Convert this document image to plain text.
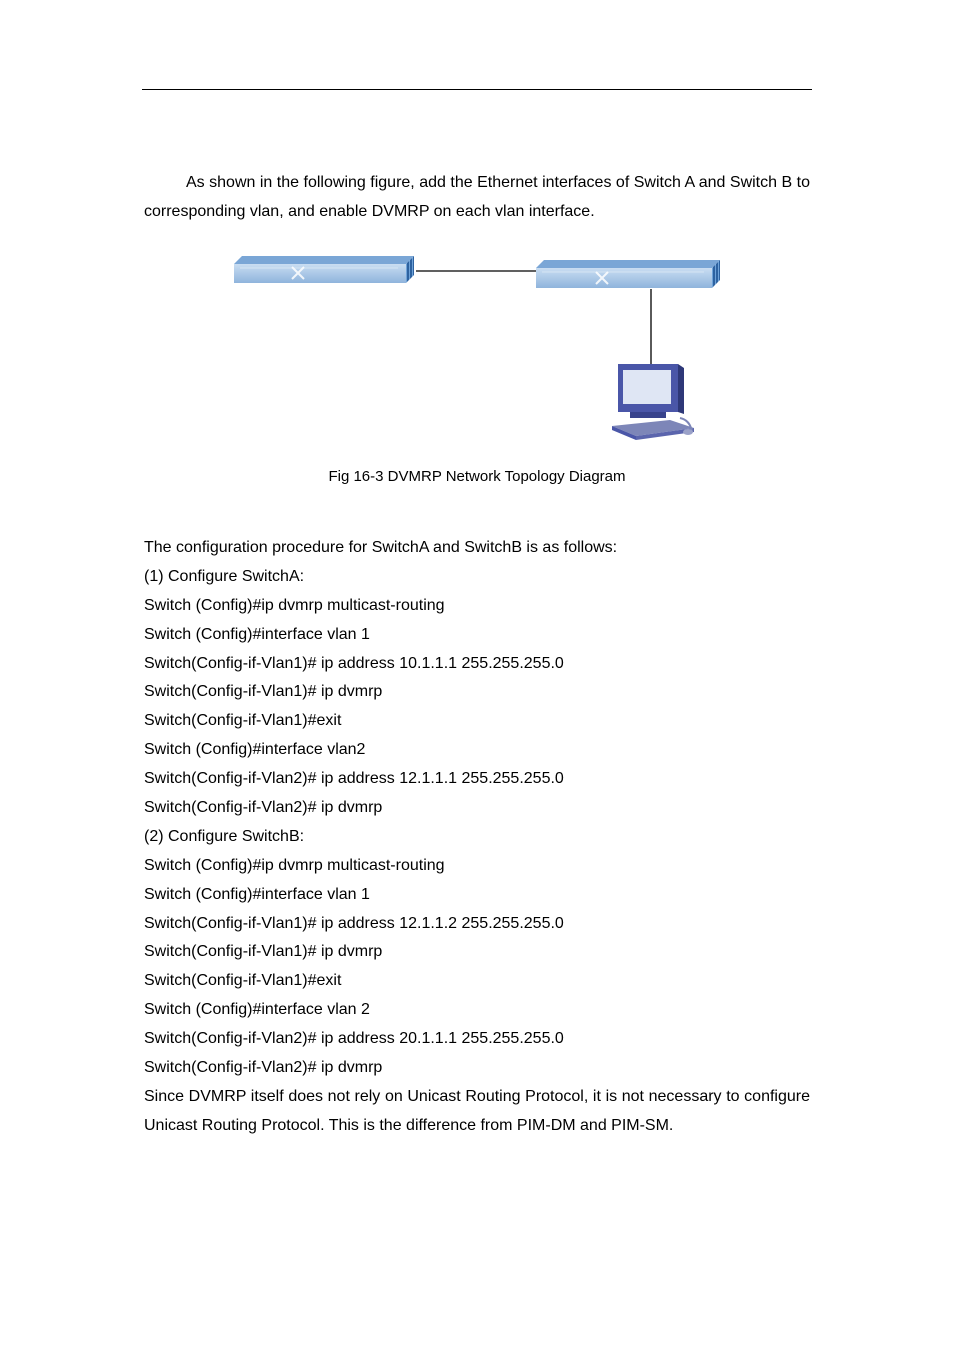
As shown in the following figure, add the Ethernet interfaces of Switch A and Switch B to corresponding vlan, and enable DVMRP on each vlan interface.

Fig 16-3 DVMRP Network Topology Diagram
The configuration procedure for SwitchA and SwitchB is as follows:
(1) Configure SwitchA:
Switch (Config)#ip dvmrp multicast-routing
Switch (Config)#interface vlan 1
Switch(Config-if-Vlan1)# ip address 10.1.1.1 255.255.255.0
Switch(Config-if-Vlan1)# ip dvmrp
Switch(Config-if-Vlan1)#exit
Switch (Config)#interface vlan2
Switch(Config-if-Vlan2)# ip address 12.1.1.1 255.255.255.0
Switch(Config-if-Vlan2)# ip dvmrp
(2) Configure SwitchB:
Switch (Config)#ip dvmrp multicast-routing
Switch (Config)#interface vlan 1
Switch(Config-if-Vlan1)# ip address 12.1.1.2 255.255.255.0
Switch(Config-if-Vlan1)# ip dvmrp
Switch(Config-if-Vlan1)#exit
Switch (Config)#interface vlan 2
Switch(Config-if-Vlan2)# ip address 20.1.1.1 255.255.255.0
Switch(Config-if-Vlan2)# ip dvmrp

Since DVMRP itself does not rely on Unicast Routing Protocol, it is not necessary to configure Unicast Routing Protocol. This is the difference from PIM-DM and PIM-SM.
